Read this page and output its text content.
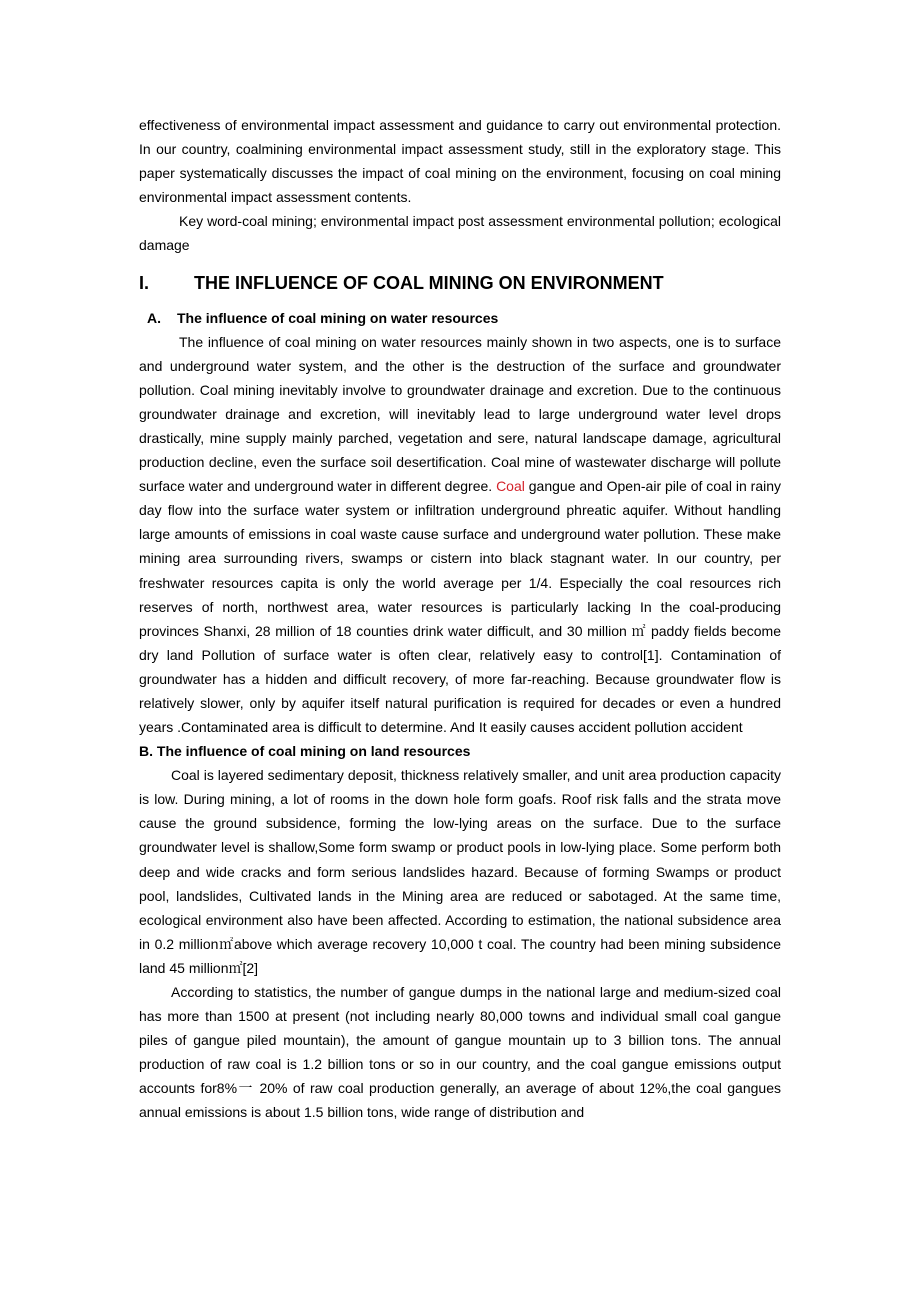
effectiveness of environmental impact assessment and guidance to carry out environmental protection. In our country, coalmining environmental impact assessment study, still in the exploratory stage. This paper systematically discusses the impact of coal mining on the environment, focusing on coal mining environmental impact assessment contents.

Key word-coal mining; environmental impact post assessment environmental pollution; ecological damage

I.	THE INFLUENCE OF COAL MINING ON ENVIRONMENT
A.	The influence of coal mining on water resources

The influence of coal mining on water resources mainly shown in two aspects, one is to surface and underground water system, and the other is the destruction of the surface and groundwater pollution. Coal mining inevitably involve to groundwater drainage and excretion. Due to the continuous groundwater drainage and excretion, will inevitably lead to large underground water level drops drastically, mine supply mainly parched, vegetation and sere, natural landscape damage, agricultural production decline, even the surface soil desertification. Coal mine of wastewater discharge will pollute surface water and underground water in different degree. Coal gangue and Open-air pile of coal in rainy day flow into the surface water system or infiltration underground phreatic aquifer. Without handling large amounts of emissions in coal waste cause surface and underground water pollution. These make mining area surrounding rivers, swamps or cistern into black stagnant water. In our country, per freshwater resources capita is only the world average per 1/4. Especially the coal resources rich reserves of north, northwest area, water resources is particularly lacking In the coal-producing provinces Shanxi, 28 million of 18 counties drink water difficult, and 30 million ㎡ paddy fields become dry land Pollution of surface water is often clear, relatively easy to control[1]. Contamination of groundwater has a hidden and difficult recovery, of more far-reaching. Because groundwater flow is relatively slower, only by aquifer itself natural purification is required for decades or even a hundred years .Contaminated area is difficult to determine. And It easily causes accident pollution accident

B. The influence of coal mining on land resources

Coal is layered sedimentary deposit, thickness relatively smaller, and unit area production capacity is low. During mining, a lot of rooms in the down hole form goafs. Roof risk falls and the strata move cause the ground subsidence, forming the low-lying areas on the surface. Due to the surface groundwater level is shallow,Some form swamp or product pools in low-lying place. Some perform both deep and wide cracks and form serious landslides hazard. Because of forming Swamps or product pool, landslides, Cultivated lands in the Mining area are reduced or sabotaged. At the same time, ecological environment also have been affected. According to estimation, the national subsidence area in 0.2 million㎡above which average recovery 10,000 t coal. The country had been mining subsidence land 45 million㎡[2]

According to statistics, the number of gangue dumps in the national large and medium-sized coal has more than 1500 at present (not including nearly 80,000 towns and individual small coal gangue piles of gangue piled mountain), the amount of gangue mountain up to 3 billion tons. The annual production of raw coal is 1.2 billion tons or so in our country, and the coal gangue emissions output accounts for8%一 20% of raw coal production generally, an average of about 12%,the coal gangues annual emissions is about 1.5 billion tons, wide range of distribution and
